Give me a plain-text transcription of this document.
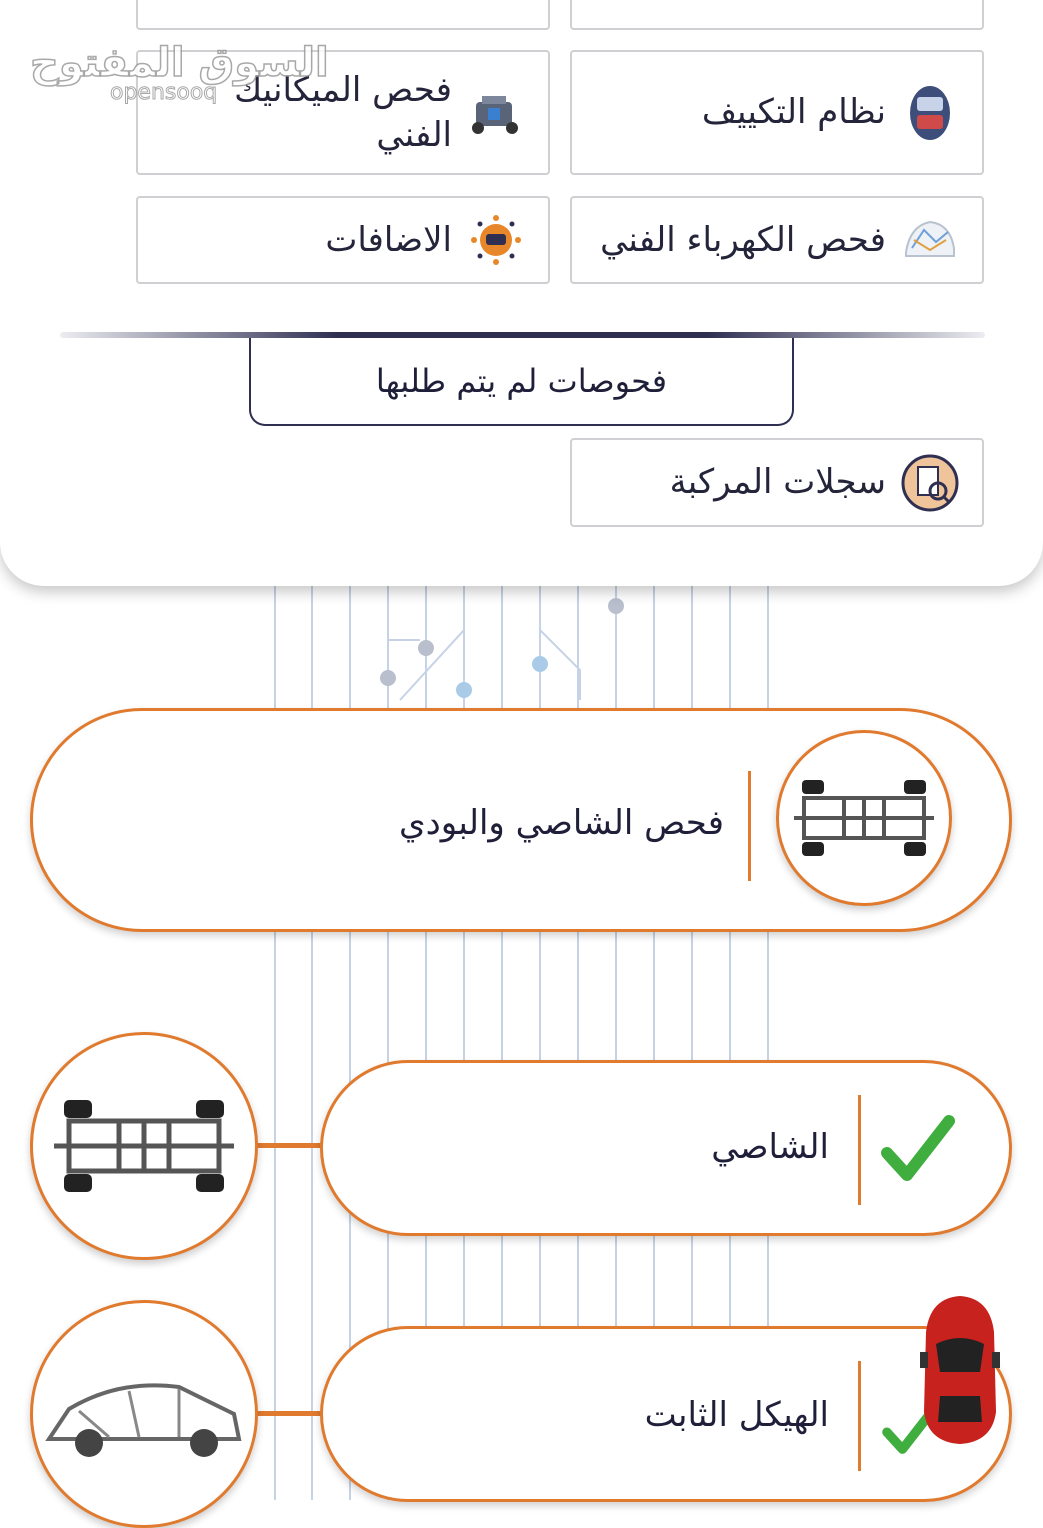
فحص الميكانيك الفني
نظام التكييف
الاضافات	فحص الكهرباء الفني
فحوصات لم يتم طلبها
سجلات المركبة
السوق المفتوح
opensooq
فحص الشاصي والبودي
الشاصي
الهيكل الثابت
